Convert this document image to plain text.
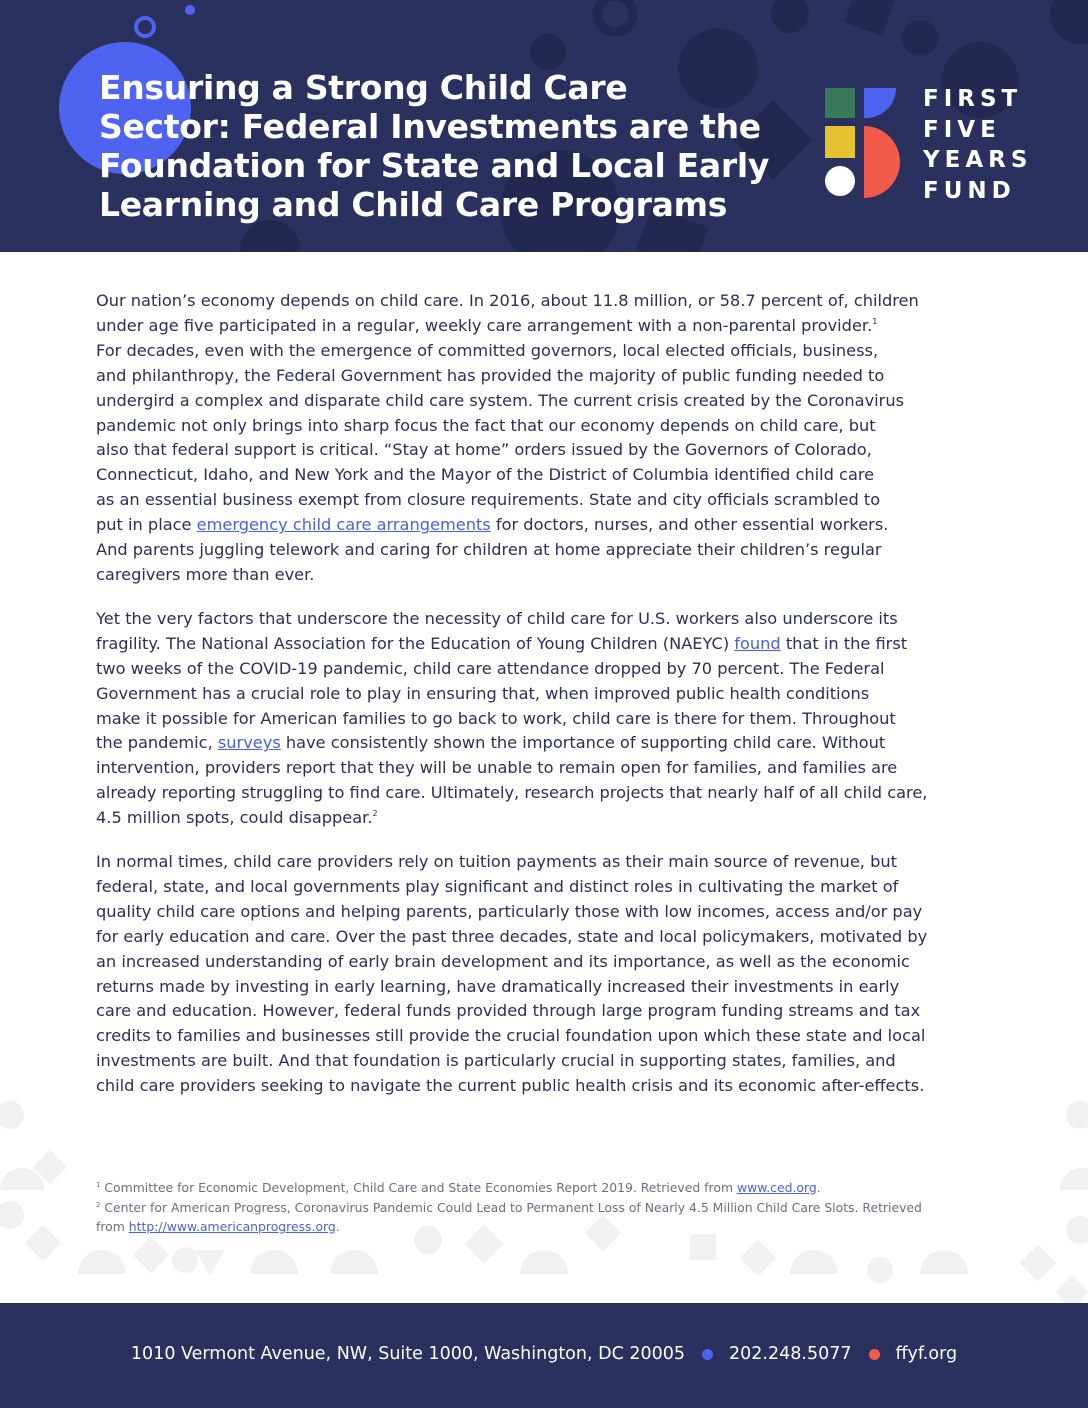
Ensuring a Strong Child Care
Sector: Federal Investments are the
Foundation for State and Local Early
Learning and Child Care Programs
FIRST
FIVE
YEARS
FUND

Our nation’s economy depends on child care. In 2016, about 11.8 million, or 58.7 percent of, children
under age five participated in a regular, weekly care arrangement with a non-parental provider.$^1$
For decades, even with the emergence of committed governors, local elected officials, business,
and philanthropy, the Federal Government has provided the majority of public funding needed to
undergird a complex and disparate child care system. The current crisis created by the Coronavirus
pandemic not only brings into sharp focus the fact that our economy depends on child care, but
also that federal support is critical. “Stay at home” orders issued by the Governors of Colorado,
Connecticut, Idaho, and New York and the Mayor of the District of Columbia identified child care
as an essential business exempt from closure requirements. State and city officials scrambled to
put in place emergency child care arrangements for doctors, nurses, and other essential workers.
And parents juggling telework and caring for children at home appreciate their children’s regular
caregivers more than ever.

Yet the very factors that underscore the necessity of child care for U.S. workers also underscore its
fragility. The National Association for the Education of Young Children (NAEYC) found that in the first
two weeks of the COVID-19 pandemic, child care attendance dropped by 70 percent. The Federal
Government has a crucial role to play in ensuring that, when improved public health conditions
make it possible for American families to go back to work, child care is there for them. Throughout
the pandemic, surveys have consistently shown the importance of supporting child care. Without
intervention, providers report that they will be unable to remain open for families, and families are
already reporting struggling to find care. Ultimately, research projects that nearly half of all child care,
4.5 million spots, could disappear.$^2$

In normal times, child care providers rely on tuition payments as their main source of revenue, but
federal, state, and local governments play significant and distinct roles in cultivating the market of
quality child care options and helping parents, particularly those with low incomes, access and/or pay
for early education and care. Over the past three decades, state and local policymakers, motivated by
an increased understanding of early brain development and its importance, as well as the economic
returns made by investing in early learning, have dramatically increased their investments in early
care and education. However, federal funds provided through large program funding streams and tax
credits to families and businesses still provide the crucial foundation upon which these state and local
investments are built. And that foundation is particularly crucial in supporting states, families, and
child care providers seeking to navigate the current public health crisis and its economic after-effects.

$^1$ Committee for Economic Development, Child Care and State Economies Report 2019. Retrieved from www.ced.org.
$^2$ Center for American Progress, Coronavirus Pandemic Could Lead to Permanent Loss of Nearly 4.5 Million Child Care Slots. Retrieved
from http://www.americanprogress.org.
1010 Vermont Avenue, NW, Suite 1000, Washington, DC 20005	202.248.5077	ffyf.org
